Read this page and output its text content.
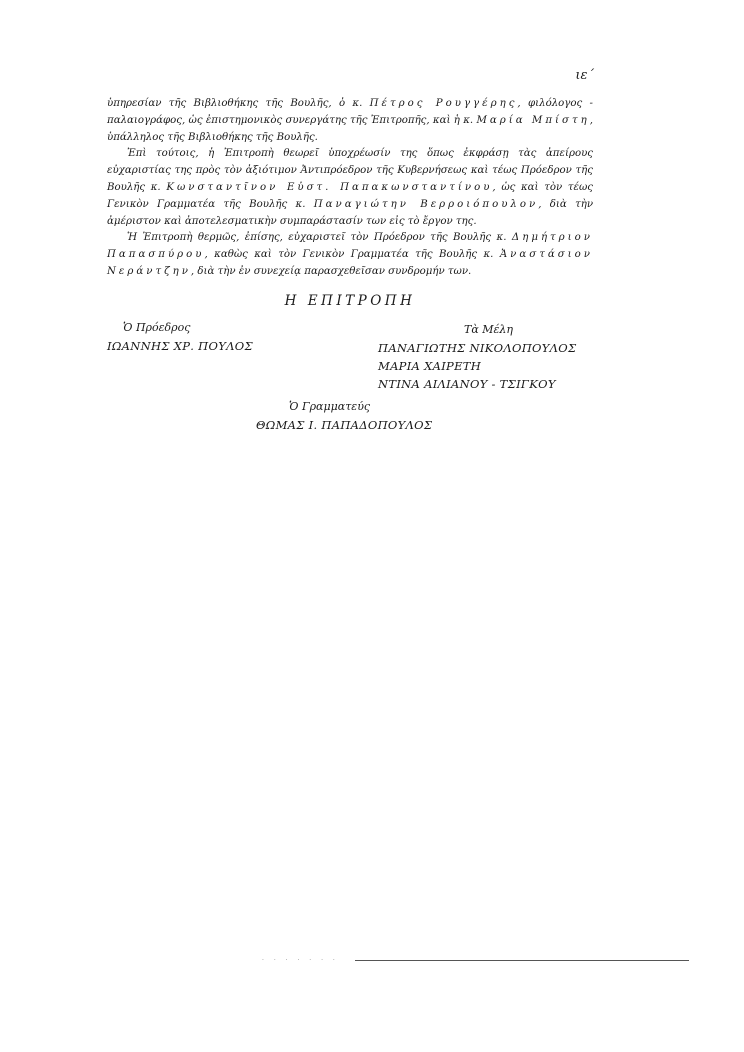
ιε΄

ὑπηρεσίαν τῆς Βιβλιοθήκης τῆς Βουλῆς, ὁ κ. Πέτρος Ρουγγέρης, φιλόλογος - παλαιογράφος, ὡς ἐπιστημονικὸς συνεργάτης τῆς Ἐπιτροπῆς, καὶ ἡ κ. Μαρία Μπίστη, ὑπάλληλος τῆς Βιβλιοθήκης τῆς Βουλῆς.

Ἐπὶ τούτοις, ἡ Ἐπιτροπὴ θεωρεῖ ὑποχρέωσίν της ὅπως ἐκφράσῃ τὰς ἀπείρους εὐχαριστίας της πρὸς τὸν ἀξιότιμον Ἀντιπρόεδρον τῆς Κυβερνήσεως καὶ τέως Πρόεδρον τῆς Βουλῆς κ. Κωνσταντῖνον Εὐστ. Παπακωνσταντίνου, ὡς καὶ τὸν τέως Γενικὸν Γραμματέα τῆς Βουλῆς κ. Παναγιώτην Βερροιόπουλον, διὰ τὴν ἀμέριστον καὶ ἀποτελεσματικὴν συμπαράστασίν των εἰς τὸ ἔργον της.

Ἡ Ἐπιτροπὴ θερμῶς, ἐπίσης, εὐχαριστεῖ τὸν Πρόεδρον τῆς Βουλῆς κ. Δημήτριον Παπασπύρου, καθὼς καὶ τὸν Γενικὸν Γραμματέα τῆς Βουλῆς κ. Ἀναστάσιον Νεράντζην, διὰ τὴν ἐν συνεχείᾳ παρασχεθεῖσαν συνδρομήν των.

Η ΕΠΙΤΡΟΠΗ
Ὁ Πρόεδρος
ΙΩΑΝΝΗΣ ΧΡ. ΠΟΥΛΟΣ
Τὰ Μέλη
ΠΑΝΑΓΙΩΤΗΣ ΝΙΚΟΛΟΠΟΥΛΟΣ
ΜΑΡΙΑ ΧΑΙΡΕΤΗ
ΝΤΙΝΑ ΑΙΛΙΑΝΟΥ - ΤΣΙΓΚΟΥ
Ὁ Γραμματεύς
ΘΩΜΑΣ Ι. ΠΑΠΑΔΟΠΟΥΛΟΣ
· · · · · · ·
